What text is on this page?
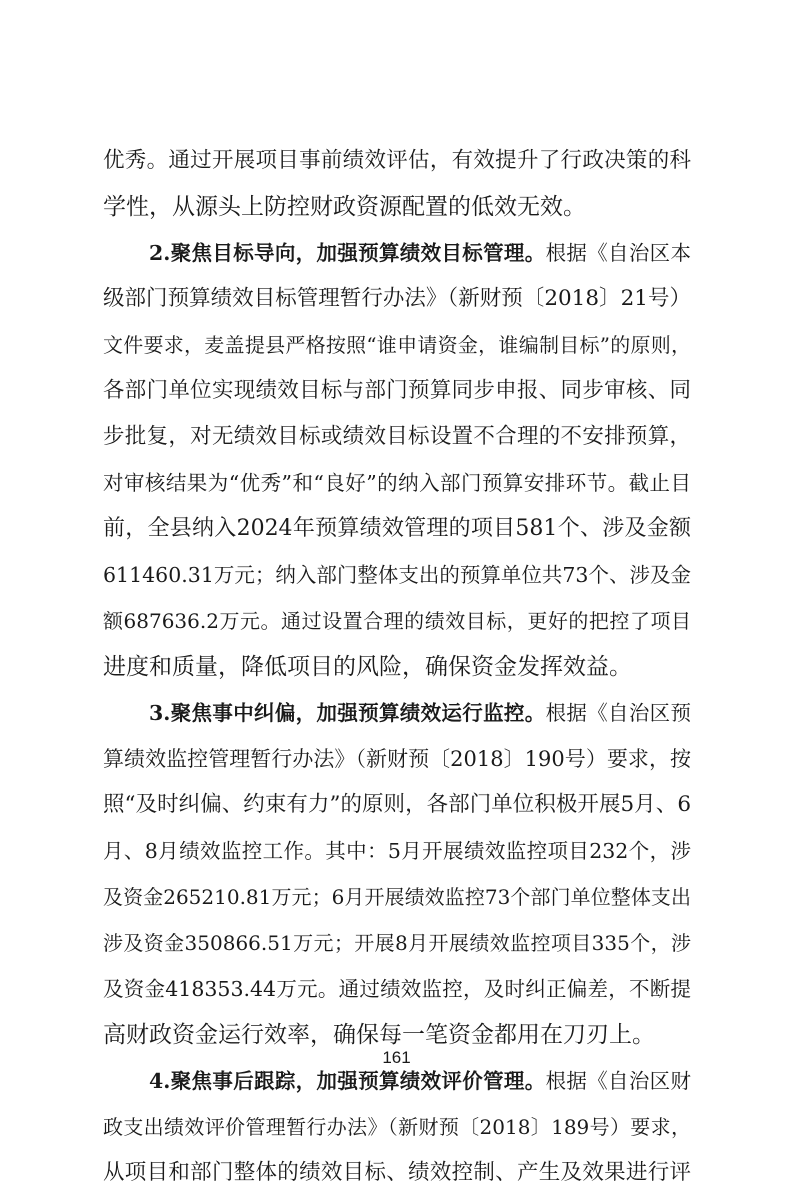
优秀。通过开展项目事前绩效评估，有效提升了行政决策的科
学性，从源头上防控财政资源配置的低效无效。
2.聚焦目标导向，加强预算绩效目标管理。根据《自治区本
级部门预算绩效目标管理暂行办法》（新财预〔2018〕21号）
文件要求，麦盖提县严格按照“谁申请资金，谁编制目标”的原则，
各部门单位实现绩效目标与部门预算同步申报、同步审核、同
步批复，对无绩效目标或绩效目标设置不合理的不安排预算，
对审核结果为“优秀”和“良好”的纳入部门预算安排环节。截止目
前，全县纳入2024年预算绩效管理的项目581个、涉及金额
611460.31万元；纳入部门整体支出的预算单位共73个、涉及金
额687636.2万元。通过设置合理的绩效目标，更好的把控了项目
进度和质量，降低项目的风险，确保资金发挥效益。
3.聚焦事中纠偏，加强预算绩效运行监控。根据《自治区预
算绩效监控管理暂行办法》（新财预〔2018〕190号）要求，按
照“及时纠偏、约束有力”的原则，各部门单位积极开展5月、6
月、8月绩效监控工作。其中：5月开展绩效监控项目232个，涉
及资金265210.81万元；6月开展绩效监控73个部门单位整体支出
涉及资金350866.51万元；开展8月开展绩效监控项目335个，涉
及资金418353.44万元。通过绩效监控，及时纠正偏差，不断提
高财政资金运行效率，确保每一笔资金都用在刀刃上。
4.聚焦事后跟踪，加强预算绩效评价管理。根据《自治区财
政支出绩效评价管理暂行办法》（新财预〔2018〕189号）要求，
从项目和部门整体的绩效目标、绩效控制、产生及效果进行评
161
